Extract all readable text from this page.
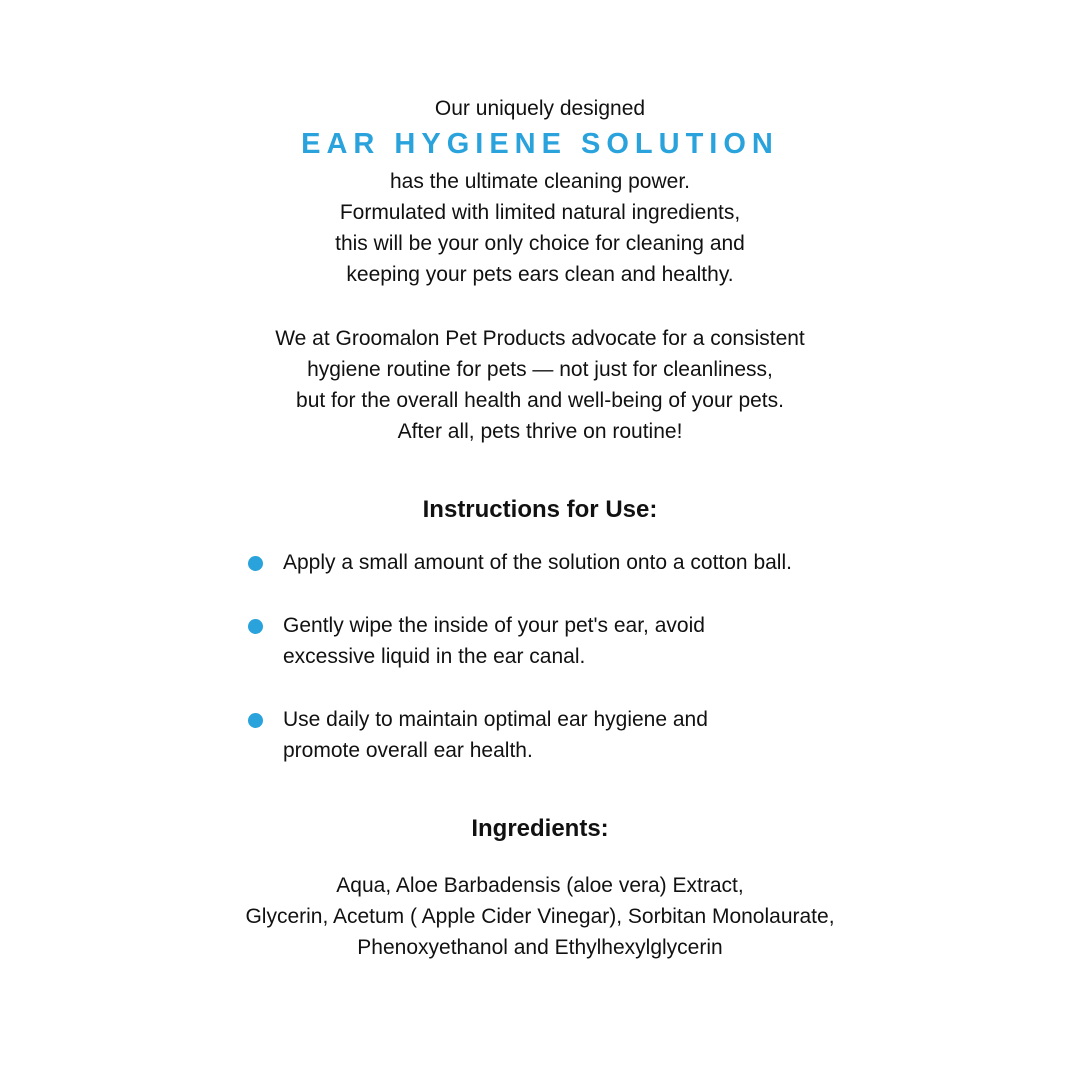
Our uniquely designed
EAR HYGIENE SOLUTION
has the ultimate cleaning power.
Formulated with limited natural ingredients,
this will be your only choice for cleaning and
keeping your pets ears clean and healthy.
We at Groomalon Pet Products advocate for a consistent
hygiene routine for pets — not just for cleanliness,
but for the overall health and well-being of your pets.
After all, pets thrive on routine!
Instructions for Use:
Apply a small amount of the solution onto a cotton ball.
Gently wipe the inside of your pet's ear, avoid
excessive liquid in the ear canal.
Use daily to maintain optimal ear hygiene and
promote overall ear health.
Ingredients:
Aqua, Aloe Barbadensis (aloe vera) Extract,
Glycerin, Acetum ( Apple Cider Vinegar), Sorbitan Monolaurate,
Phenoxyethanol and Ethylhexylglycerin
